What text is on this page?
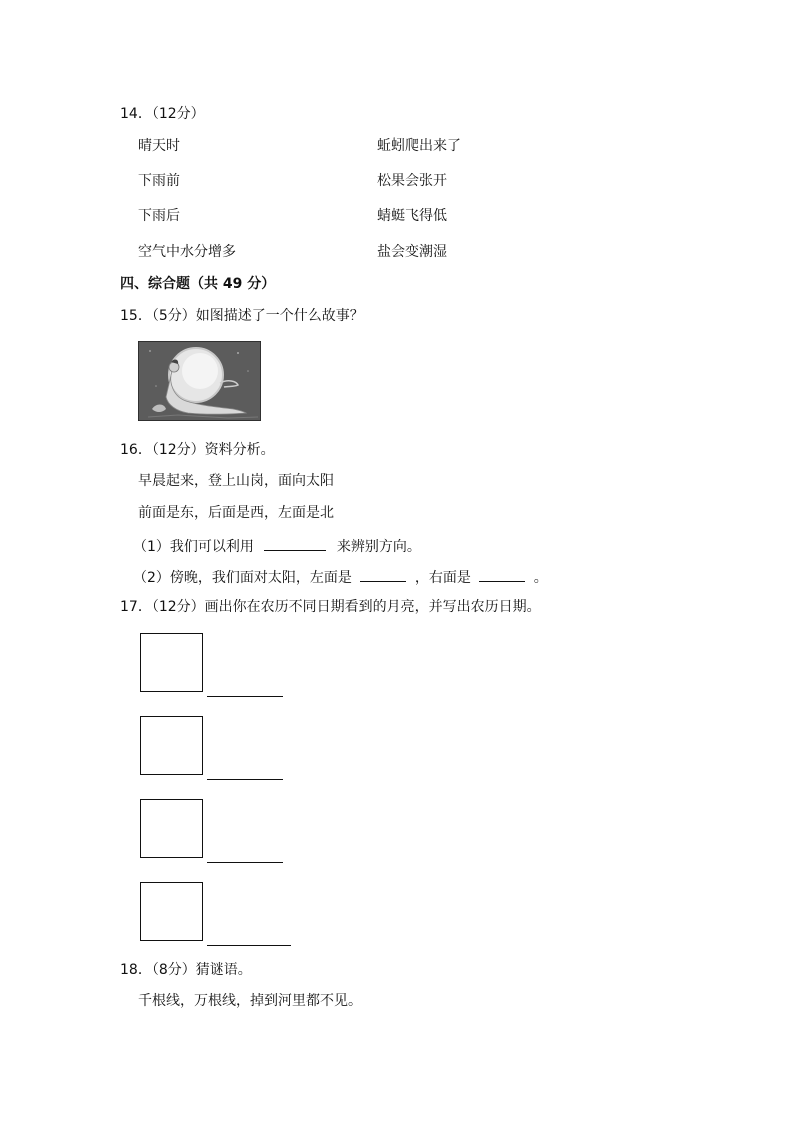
14．（12分）
晴天时	蚯蚓爬出来了
下雨前	松果会张开
下雨后	蜻蜓飞得低
空气中水分增多	盐会变潮湿
四、综合题（共 49 分）
15．（5分）如图描述了一个什么故事？
16．（12分）资料分析。
早晨起来，登上山岗，面向太阳
前面是东，后面是西，左面是北
（1）我们可以利用	来辨别方向。
（2）傍晚，我们面对太阳，左面是	，右面是	。
17．（12分）画出你在农历不同日期看到的月亮，并写出农历日期。
18．（8分）猜谜语。
千根线，万根线，掉到河里都不见。
